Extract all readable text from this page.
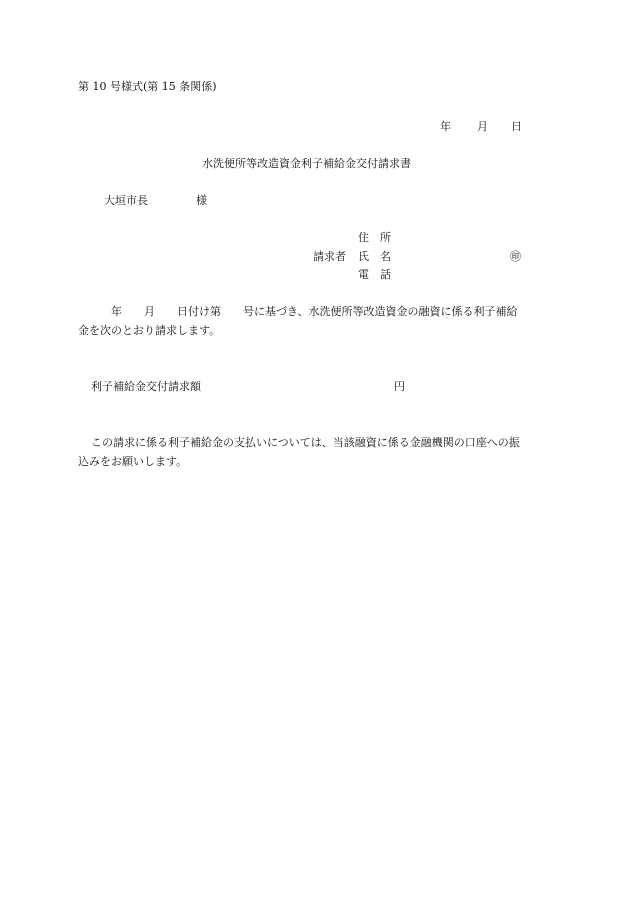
第 10 号様式(第 15 条関係)
年 月 日
水洗便所等改造資金利子補給金交付請求書
大垣市長	様
住　所
請求者 氏　名	㊞
電　話
　　　年　　月　　日付け第　　号に基づき、水洗便所等改造資金の融資に係る利子補給
金を次のとおり請求します。
利子補給金交付請求額	円
この請求に係る利子補給金の支払いについては、当該融資に係る金融機関の口座への振
込みをお願いします。
